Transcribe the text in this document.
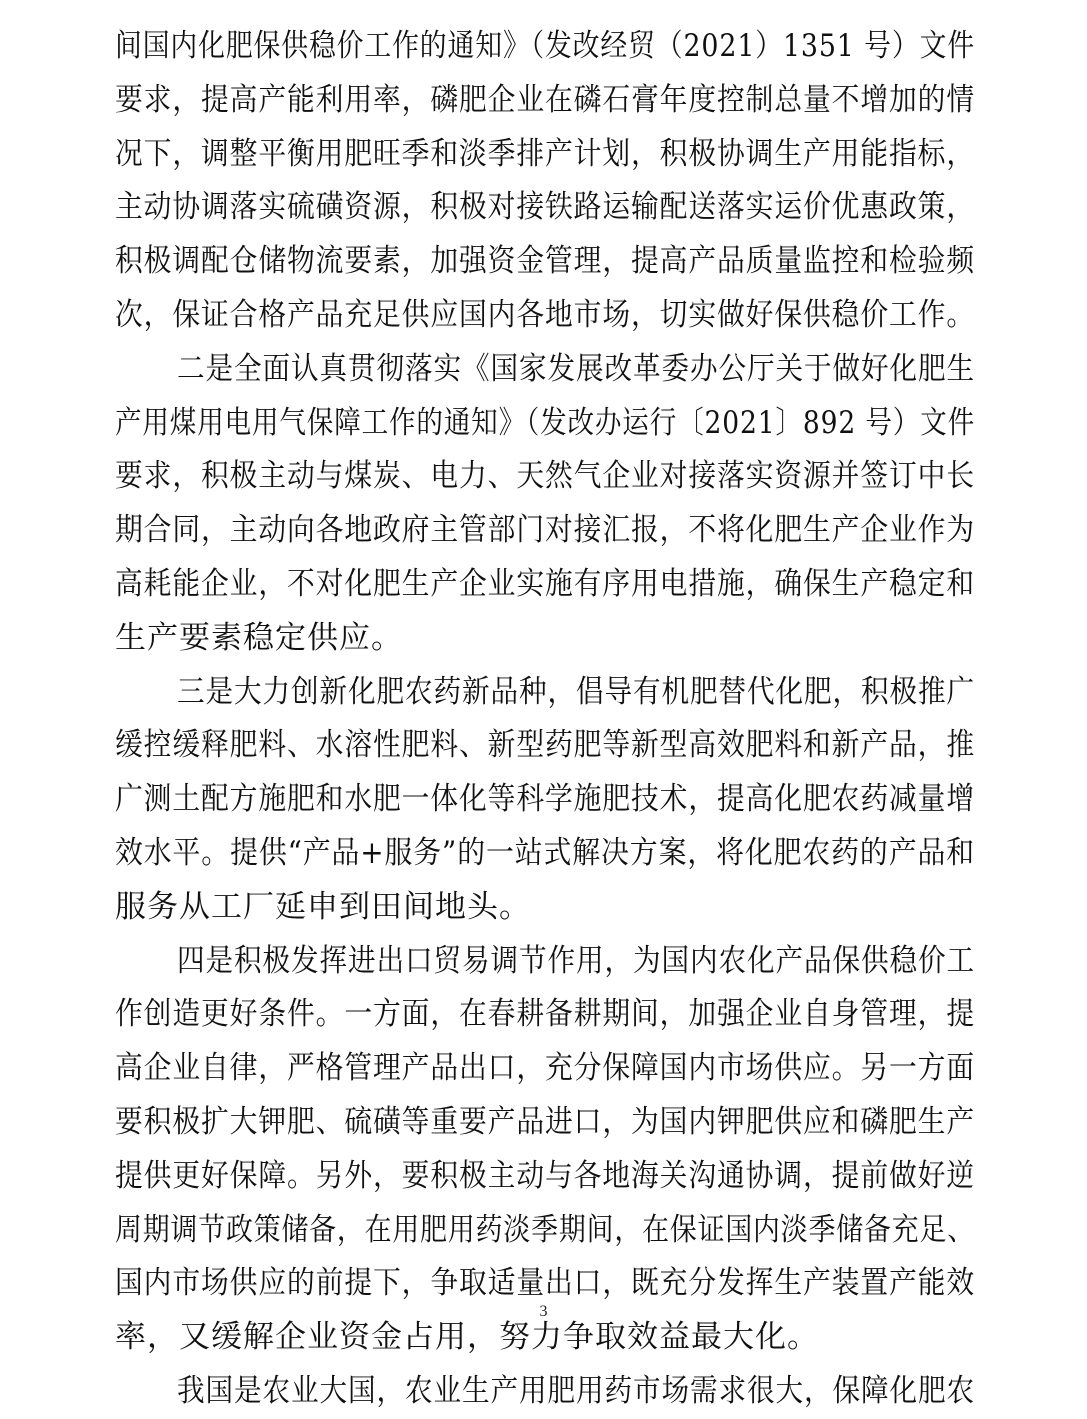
间国内化肥保供稳价工作的通知》（发改经贸（2021）1351 号）文件
要求，提高产能利用率，磷肥企业在磷石膏年度控制总量不增加的情
况下，调整平衡用肥旺季和淡季排产计划，积极协调生产用能指标，
主动协调落实硫磺资源，积极对接铁路运输配送落实运价优惠政策，
积极调配仓储物流要素，加强资金管理，提高产品质量监控和检验频
次，保证合格产品充足供应国内各地市场，切实做好保供稳价工作。
二是全面认真贯彻落实《国家发展改革委办公厅关于做好化肥生
产用煤用电用气保障工作的通知》（发改办运行〔2021〕892 号）文件
要求，积极主动与煤炭、电力、天然气企业对接落实资源并签订中长
期合同，主动向各地政府主管部门对接汇报，不将化肥生产企业作为
高耗能企业，不对化肥生产企业实施有序用电措施，确保生产稳定和
生产要素稳定供应。
三是大力创新化肥农药新品种，倡导有机肥替代化肥，积极推广
缓控缓释肥料、水溶性肥料、新型药肥等新型高效肥料和新产品，推
广测土配方施肥和水肥一体化等科学施肥技术，提高化肥农药减量增
效水平。提供“产品+服务”的一站式解决方案，将化肥农药的产品和
服务从工厂延申到田间地头。
四是积极发挥进出口贸易调节作用，为国内农化产品保供稳价工
作创造更好条件。一方面，在春耕备耕期间，加强企业自身管理，提
高企业自律，严格管理产品出口，充分保障国内市场供应。另一方面
要积极扩大钾肥、硫磺等重要产品进口，为国内钾肥供应和磷肥生产
提供更好保障。另外，要积极主动与各地海关沟通协调，提前做好逆
周期调节政策储备，在用肥用药淡季期间，在保证国内淡季储备充足、
国内市场供应的前提下，争取适量出口，既充分发挥生产装置产能效
率，又缓解企业资金占用，努力争取效益最大化。
我国是农业大国，农业生产用肥用药市场需求很大，保障化肥农
3
